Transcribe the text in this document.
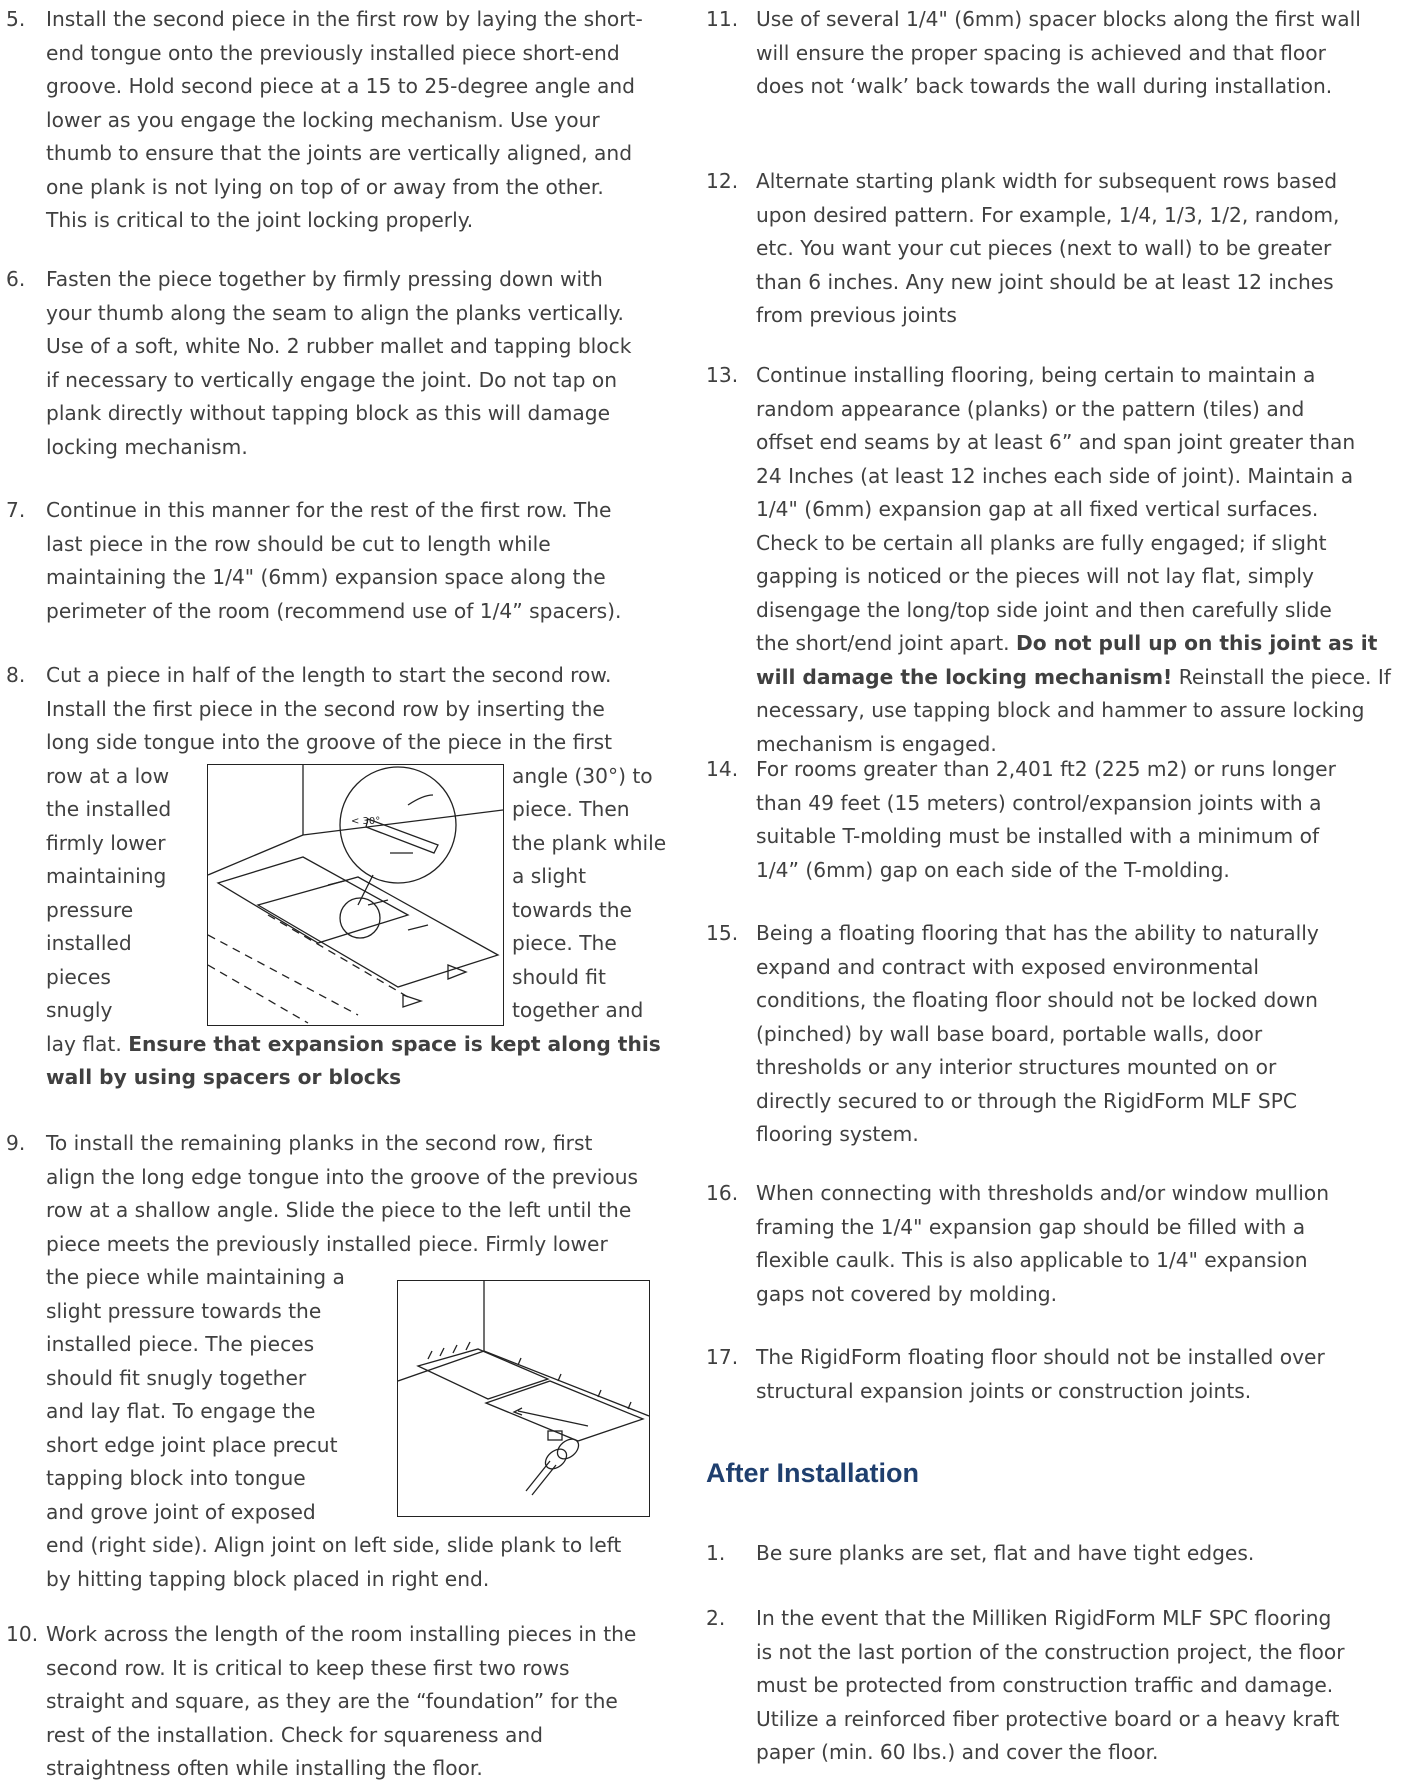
5. Install the second piece in the first row by laying the short-
end tongue onto the previously installed piece short-end
groove. Hold second piece at a 15 to 25-degree angle and
lower as you engage the locking mechanism. Use your
thumb to ensure that the joints are vertically aligned, and
one plank is not lying on top of or away from the other.
This is critical to the joint locking properly.
6. Fasten the piece together by firmly pressing down with
your thumb along the seam to align the planks vertically.
Use of a soft, white No. 2 rubber mallet and tapping block
if necessary to vertically engage the joint. Do not tap on
plank directly without tapping block as this will damage
locking mechanism.
7. Continue in this manner for the rest of the first row. The
last piece in the row should be cut to length while
maintaining the 1/4" (6mm) expansion space along the
perimeter of the room (recommend use of 1/4” spacers).
8. Cut a piece in half of the length to start the second row.
Install the first piece in the second row by inserting the
long side tongue into the groove of the piece in the first
row at a low
the installed
firmly lower
maintaining
pressure
installed
pieces
snugly
< 30°
angle (30°) to
piece. Then
the plank while
a slight
towards the
piece. The
should fit
together and
lay flat. Ensure that expansion space is kept along this
wall by using spacers or blocks
9. To install the remaining planks in the second row, first
align the long edge tongue into the groove of the previous
row at a shallow angle. Slide the piece to the left until the
piece meets the previously installed piece. Firmly lower
the piece while maintaining a
slight pressure towards the
installed piece. The pieces
should fit snugly together
and lay flat. To engage the
short edge joint place precut
tapping block into tongue
and grove joint of exposed
end (right side). Align joint on left side, slide plank to left
by hitting tapping block placed in right end.
10. Work across the length of the room installing pieces in the
second row. It is critical to keep these first two rows
straight and square, as they are the “foundation” for the
rest of the installation. Check for squareness and
straightness often while installing the floor.
11. Use of several 1/4" (6mm) spacer blocks along the first wall
will ensure the proper spacing is achieved and that floor
does not ‘walk’ back towards the wall during installation.
12. Alternate starting plank width for subsequent rows based
upon desired pattern. For example, 1/4, 1/3, 1/2, random,
etc. You want your cut pieces (next to wall) to be greater
than 6 inches. Any new joint should be at least 12 inches
from previous joints
13. Continue installing flooring, being certain to maintain a
random appearance (planks) or the pattern (tiles) and
offset end seams by at least 6” and span joint greater than
24 Inches (at least 12 inches each side of joint). Maintain a
1/4" (6mm) expansion gap at all fixed vertical surfaces.
Check to be certain all planks are fully engaged; if slight
gapping is noticed or the pieces will not lay flat, simply
disengage the long/top side joint and then carefully slide
the short/end joint apart. Do not pull up on this joint as it
will damage the locking mechanism! Reinstall the piece. If
necessary, use tapping block and hammer to assure locking
mechanism is engaged.
14. For rooms greater than 2,401 ft2 (225 m2) or runs longer
than 49 feet (15 meters) control/expansion joints with a
suitable T-molding must be installed with a minimum of
1/4” (6mm) gap on each side of the T-molding.
15. Being a floating flooring that has the ability to naturally
expand and contract with exposed environmental
conditions, the floating floor should not be locked down
(pinched) by wall base board, portable walls, door
thresholds or any interior structures mounted on or
directly secured to or through the RigidForm MLF SPC
flooring system.
16. When connecting with thresholds and/or window mullion
framing the 1/4" expansion gap should be filled with a
flexible caulk. This is also applicable to 1/4" expansion
gaps not covered by molding.
17. The RigidForm floating floor should not be installed over
structural expansion joints or construction joints.
After Installation
1. Be sure planks are set, flat and have tight edges.
2. In the event that the Milliken RigidForm MLF SPC flooring
is not the last portion of the construction project, the floor
must be protected from construction traffic and damage.
Utilize a reinforced fiber protective board or a heavy kraft
paper (min. 60 lbs.) and cover the floor.
